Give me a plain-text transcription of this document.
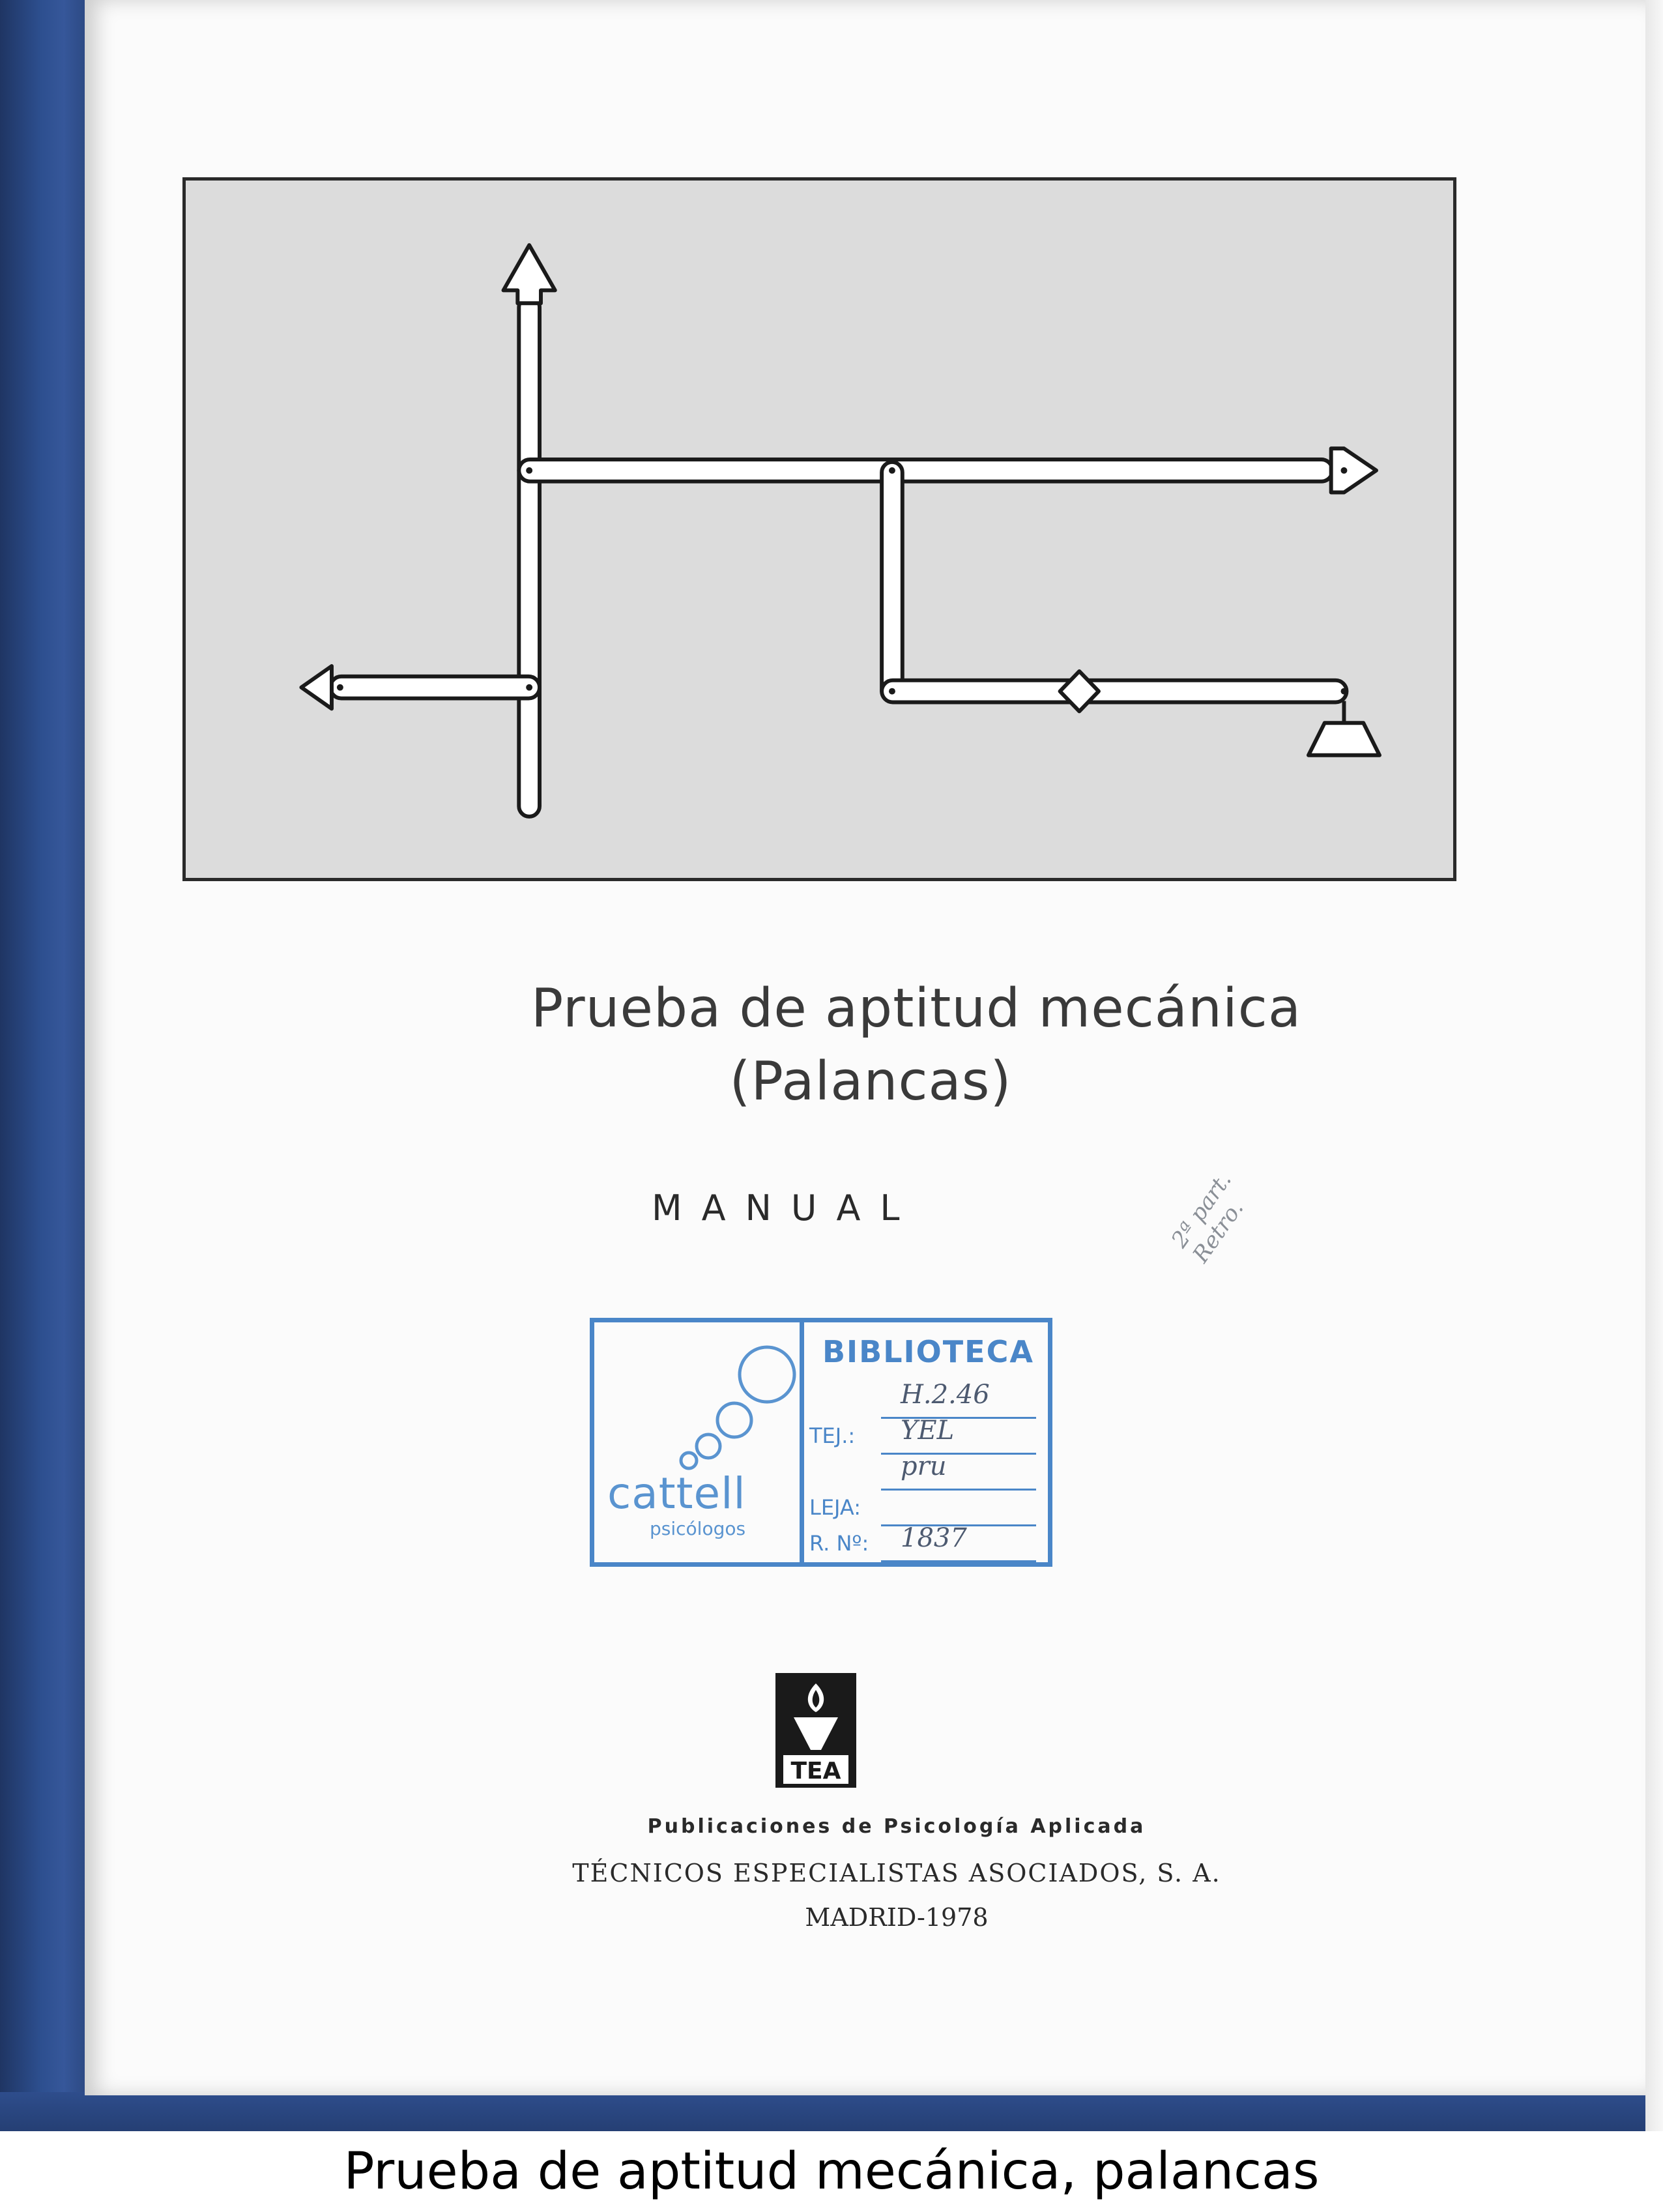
Prueba de aptitud mecánica
(Palancas)
MANUAL	2ª part. Retro.
cattell
psicólogos
BIBLIOTECA
H.2.46
TEJ.: YEL
pru
LEJA:
R. Nº: 1837
TEA
Publicaciones de Psicología Aplicada
TÉCNICOS ESPECIALISTAS ASOCIADOS, S. A.
MADRID-1978
Prueba de aptitud mecánica, palancas
